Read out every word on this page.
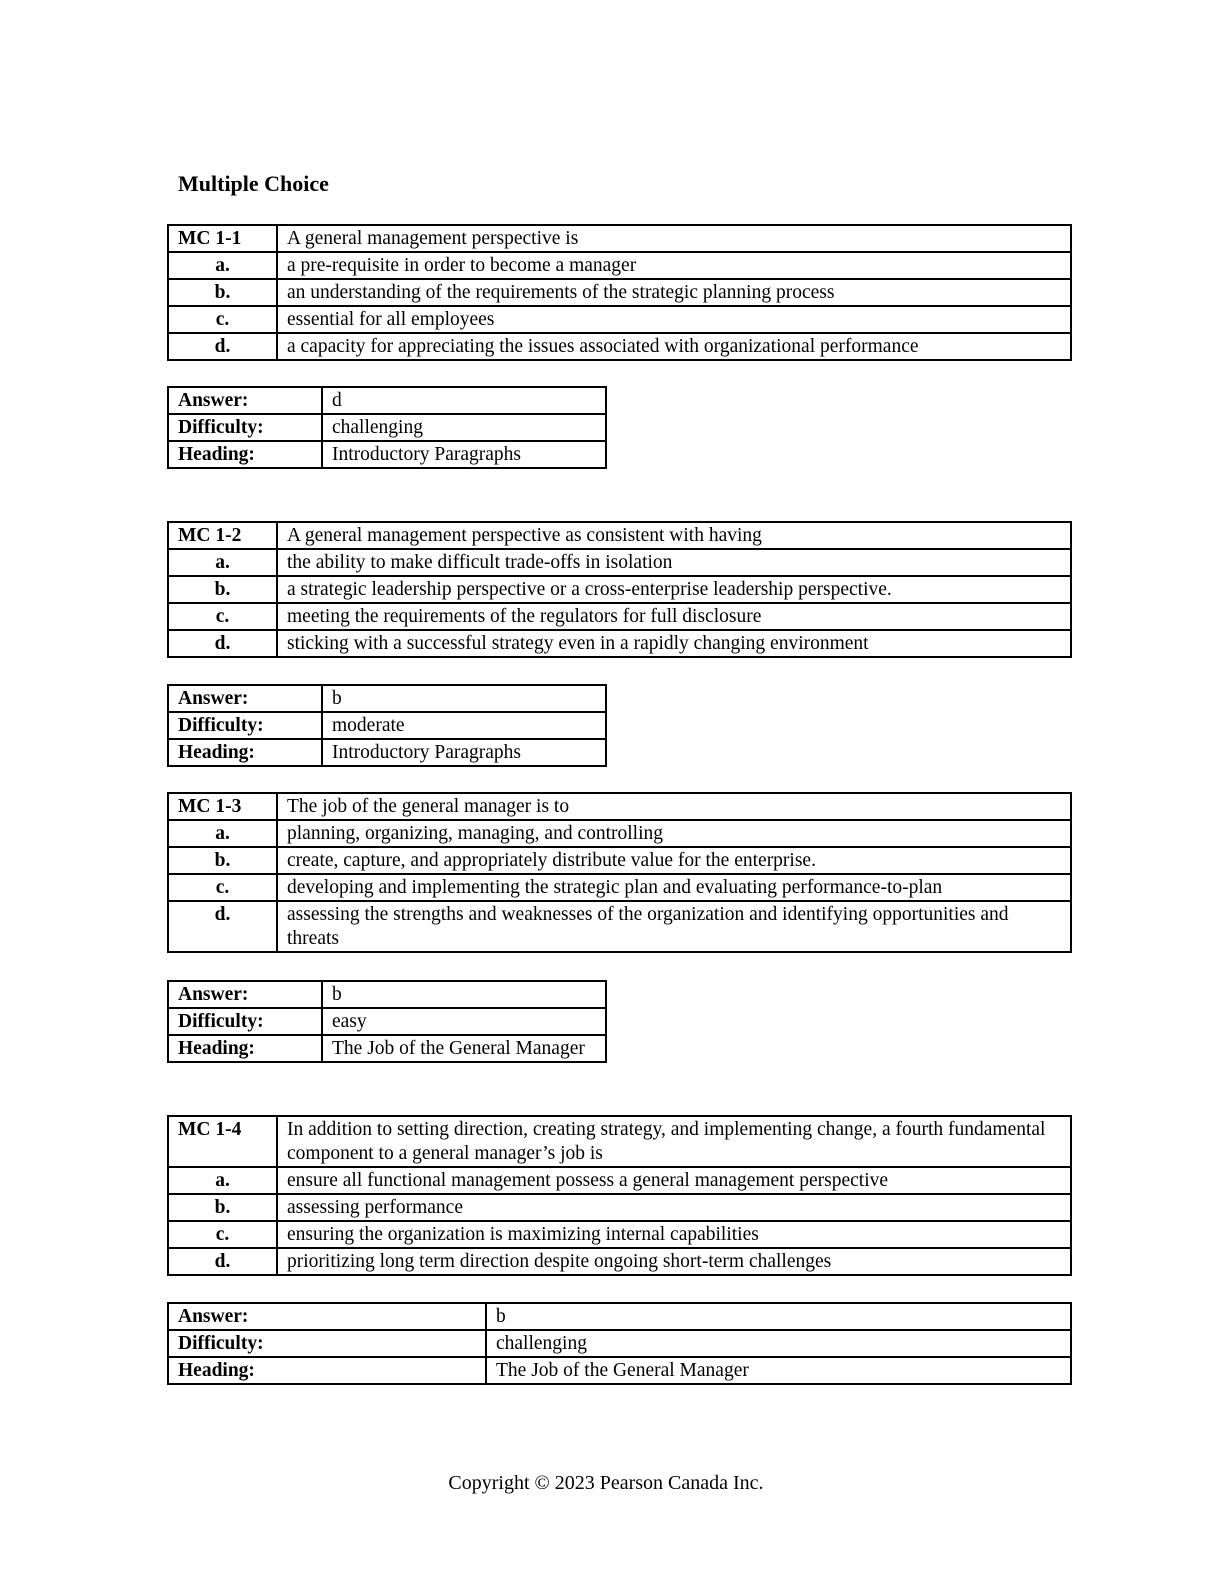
Multiple Choice
MC 1-1	A general management perspective is
a.	a pre-requisite in order to become a manager
b.	an understanding of the requirements of the strategic planning process
c.	essential for all employees
d.	a capacity for appreciating the issues associated with organizational performance
Answer:	d
Difficulty:	challenging
Heading:	Introductory Paragraphs
MC 1-2	A general management perspective as consistent with having
a.	the ability to make difficult trade-offs in isolation
b.	a strategic leadership perspective or a cross-enterprise leadership perspective.
c.	meeting the requirements of the regulators for full disclosure
d.	sticking with a successful strategy even in a rapidly changing environment
Answer:	b
Difficulty:	moderate
Heading:	Introductory Paragraphs
MC 1-3	The job of the general manager is to
a.	planning, organizing, managing, and controlling
b.	create, capture, and appropriately distribute value for the enterprise.
c.	developing and implementing the strategic plan and evaluating performance-to-plan
d.	assessing the strengths and weaknesses of the organization and identifying opportunities and threats
Answer:	b
Difficulty:	easy
Heading:	The Job of the General Manager
MC 1-4	In addition to setting direction, creating strategy, and implementing change, a fourth fundamental component to a general manager’s job is
a.	ensure all functional management possess a general management perspective
b.	assessing performance
c.	ensuring the organization is maximizing internal capabilities
d.	prioritizing long term direction despite ongoing short-term challenges
Answer:	b
Difficulty:	challenging
Heading:	The Job of the General Manager

Copyright © 2023 Pearson Canada Inc.
